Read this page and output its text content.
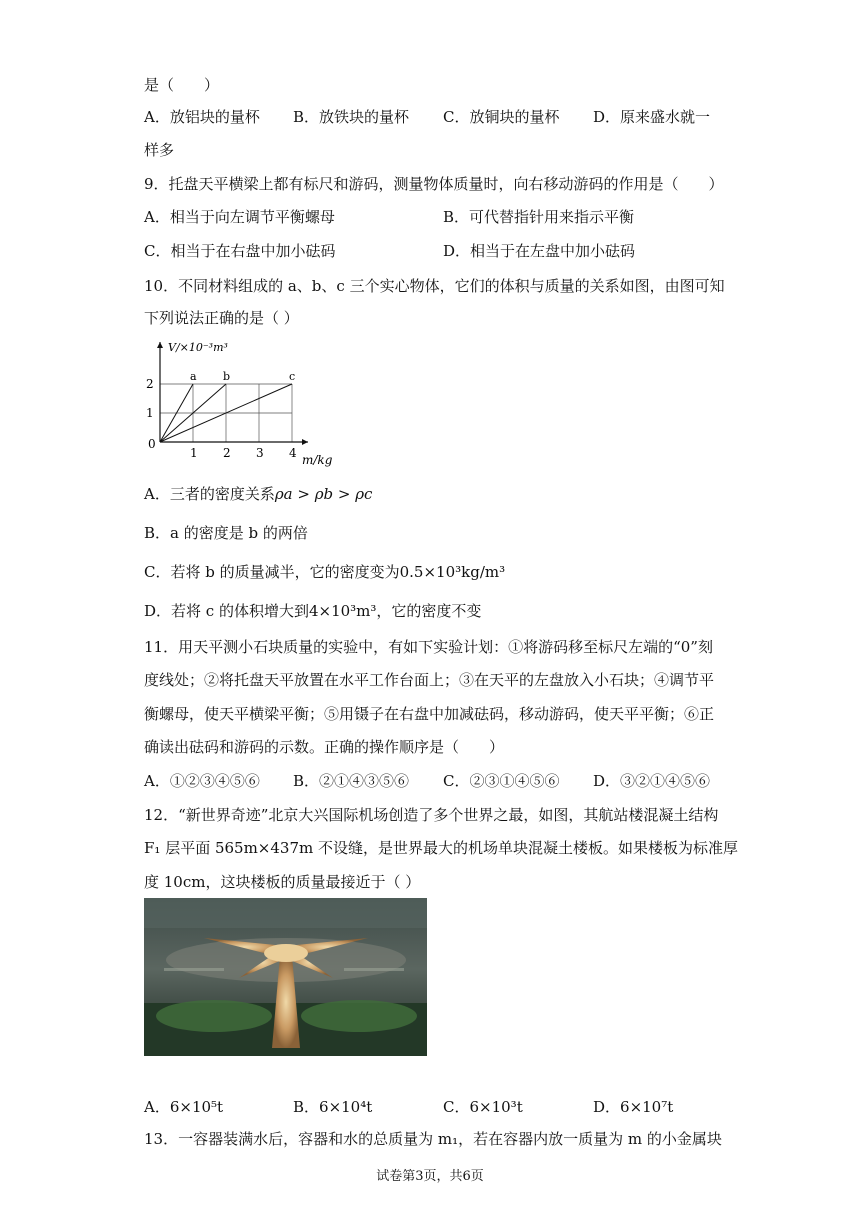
是（　　）
A．放铝块的量杯 B．放铁块的量杯 C．放铜块的量杯 D．原来盛水就一
样多
9．托盘天平横梁上都有标尺和游码，测量物体质量时，向右移动游码的作用是（　　）
A．相当于向左调节平衡螺母	B．可代替指针用来指示平衡
C．相当于在右盘中加小砝码	D．相当于在左盘中加小砝码
10．不同材料组成的 a、b、c 三个实心物体，它们的体积与质量的关系如图，由图可知
下列说法正确的是（ ）
a b	c
1 2 3 4
1
2
0
V/×10⁻³m³
m/kg
A．三者的密度关系ρa > ρb > ρc
B．a 的密度是 b 的两倍
C．若将 b 的质量减半，它的密度变为0.5×10³kg/m³
D．若将 c 的体积增大到4×10³m³，它的密度不变
11．用天平测小石块质量的实验中，有如下实验计划：①将游码移至标尺左端的“0”刻
度线处；②将托盘天平放置在水平工作台面上；③在天平的左盘放入小石块；④调节平
衡螺母，使天平横梁平衡；⑤用镊子在右盘中加减砝码，移动游码，使天平平衡；⑥正
确读出砝码和游码的示数。正确的操作顺序是（　　）
A．①②③④⑤⑥ B．②①④③⑤⑥ C．②③①④⑤⑥ D．③②①④⑤⑥
12．“新世界奇迹”北京大兴国际机场创造了多个世界之最，如图，其航站楼混凝土结构
F₁ 层平面 565m×437m 不设缝，是世界最大的机场单块混凝土楼板。如果楼板为标准厚
度 10cm，这块楼板的质量最接近于（ ）
A．6×10⁵t	B．6×10⁴t	C．6×10³t	D．6×10⁷t
13．一容器装满水后，容器和水的总质量为 m₁，若在容器内放一质量为 m 的小金属块
试卷第3页，共6页
